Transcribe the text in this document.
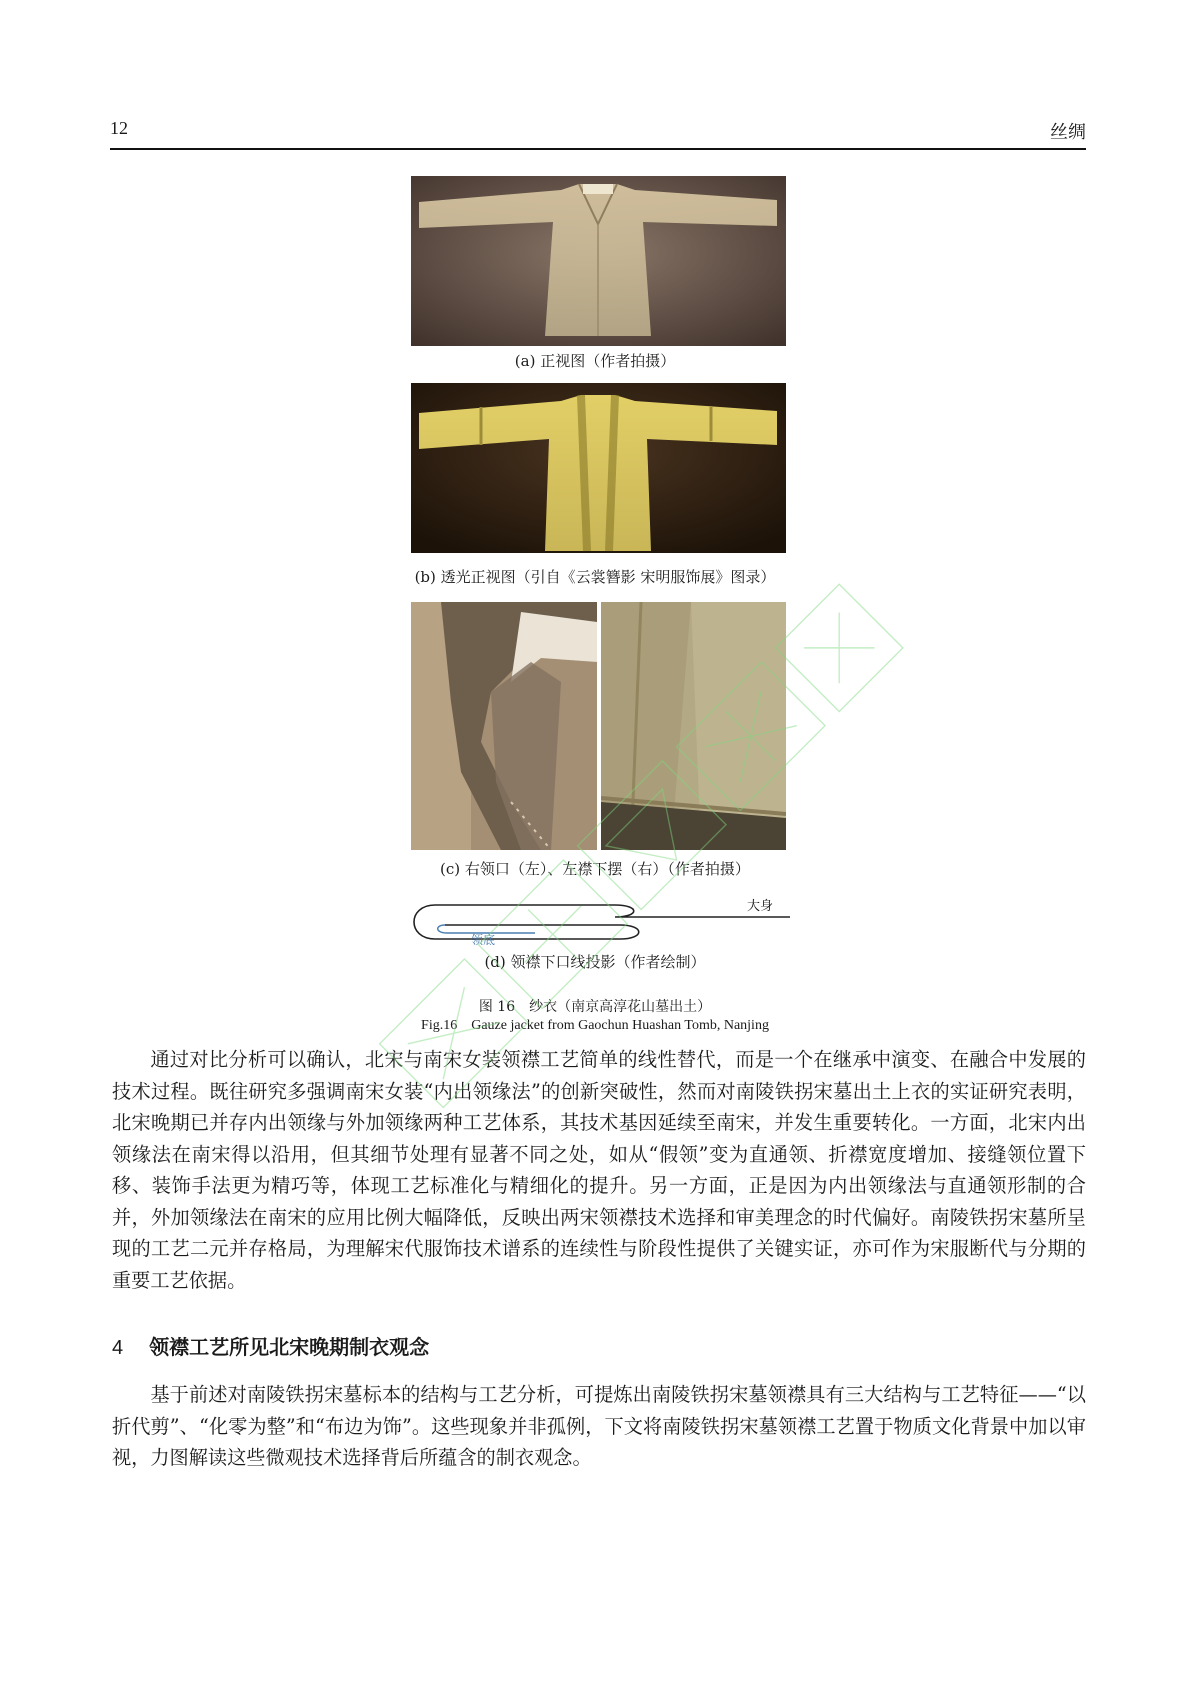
12	丝绸
(a) 正视图（作者拍摄）
(b) 透光正视图（引自《云裳簪影 宋明服饰展》图录）
(c) 右领口（左）、左襟下摆（右）（作者拍摄）
大身
领底
(d) 领襟下口线投影（作者绘制）
图 16　纱衣（南京高淳花山墓出土）
Fig.16　Gauze jacket from Gaochun Huashan Tomb, Nanjing
通过对比分析可以确认，北宋与南宋女装领襟工艺简单的线性替代，而是一个在继承中演变、在融合中发展的技术过程。既往研究多强调南宋女装“内出领缘法”的创新突破性，然而对南陵铁拐宋墓出土上衣的实证研究表明，北宋晚期已并存内出领缘与外加领缘两种工艺体系，其技术基因延续至南宋，并发生重要转化。一方面，北宋内出领缘法在南宋得以沿用，但其细节处理有显著不同之处，如从“假领”变为直通领、折襟宽度增加、接缝领位置下移、装饰手法更为精巧等，体现工艺标准化与精细化的提升。另一方面，正是因为内出领缘法与直通领形制的合并，外加领缘法在南宋的应用比例大幅降低，反映出两宋领襟技术选择和审美理念的时代偏好。南陵铁拐宋墓所呈现的工艺二元并存格局，为理解宋代服饰技术谱系的连续性与阶段性提供了关键实证，亦可作为宋服断代与分期的重要工艺依据。
4 领襟工艺所见北宋晚期制衣观念
基于前述对南陵铁拐宋墓标本的结构与工艺分析，可提炼出南陵铁拐宋墓领襟具有三大结构与工艺特征——“以折代剪”、“化零为整”和“布边为饰”。这些现象并非孤例，下文将南陵铁拐宋墓领襟工艺置于物质文化背景中加以审视，力图解读这些微观技术选择背后所蕴含的制衣观念。
